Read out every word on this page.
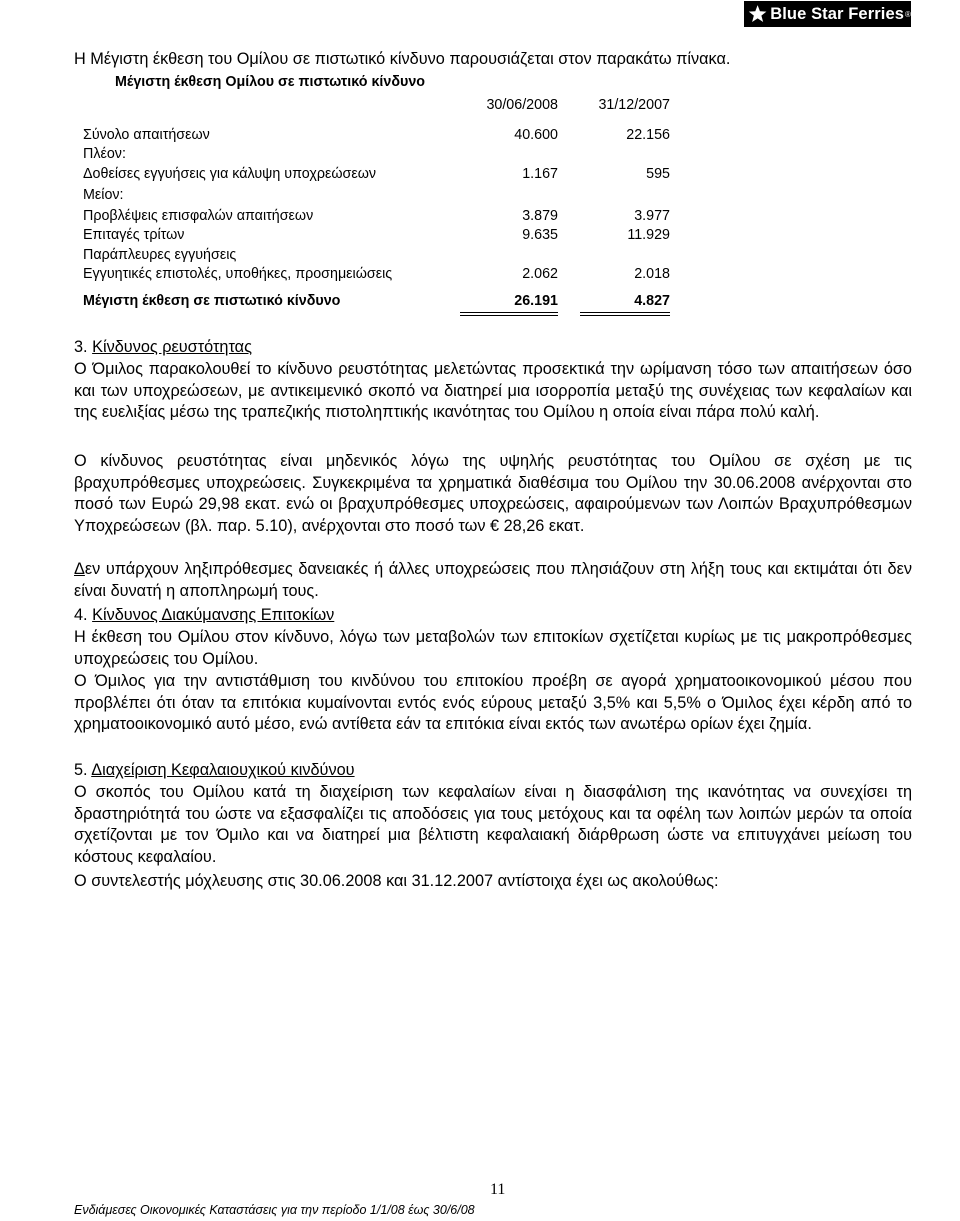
Blue Star Ferries ®

Η Μέγιστη έκθεση του Ομίλου σε πιστωτικό κίνδυνο παρουσιάζεται στον παρακάτω πίνακα.

Μέγιστη έκθεση Ομίλου σε πιστωτικό κίνδυνο
30/06/2008	31/12/2007
Σύνολο απαιτήσεων	40.600	22.156
Πλέον:
Δοθείσες εγγυήσεις για κάλυψη υποχρεώσεων	1.167	595
Μείον:
Προβλέψεις επισφαλών απαιτήσεων	3.879	3.977
Επιταγές τρίτων	9.635	11.929
Παράπλευρες εγγυήσεις
Εγγυητικές επιστολές, υποθήκες, προσημειώσεις	2.062	2.018
Μέγιστη έκθεση σε πιστωτικό κίνδυνο	26.191	4.827

3. Κίνδυνος ρευστότητας

Ο Όμιλος παρακολουθεί το κίνδυνο ρευστότητας μελετώντας προσεκτικά την ωρίμανση τόσο των απαιτήσεων όσο και των υποχρεώσεων, με αντικειμενικό σκοπό να διατηρεί μια ισορροπία μεταξύ της συνέχειας των κεφαλαίων και της ευελιξίας μέσω της τραπεζικής πιστοληπτικής ικανότητας του Ομίλου η οποία είναι πάρα πολύ καλή.

Ο κίνδυνος ρευστότητας είναι μηδενικός λόγω της υψηλής ρευστότητας του Ομίλου σε σχέση με τις βραχυπρόθεσμες υποχρεώσεις. Συγκεκριμένα τα χρηματικά διαθέσιμα του Ομίλου την 30.06.2008 ανέρχονται στο ποσό των Ευρώ 29,98 εκατ. ενώ οι βραχυπρόθεσμες υποχρεώσεις, αφαιρούμενων των Λοιπών Βραχυπρόθεσμων Υποχρεώσεων (βλ. παρ. 5.10), ανέρχονται στο ποσό των € 28,26 εκατ.

Δεν υπάρχουν ληξιπρόθεσμες δανειακές ή άλλες υποχρεώσεις που πλησιάζουν στη λήξη τους και εκτιμάται ότι δεν είναι δυνατή η αποπληρωμή τους.

4. Κίνδυνος Διακύμανσης Επιτοκίων

Η έκθεση του Ομίλου στον κίνδυνο, λόγω των μεταβολών των επιτοκίων σχετίζεται κυρίως με τις μακροπρόθεσμες υποχρεώσεις του Ομίλου.

Ο Όμιλος για την αντιστάθμιση του κινδύνου του επιτοκίου προέβη σε αγορά χρηματοοικονομικού μέσου που προβλέπει ότι όταν τα επιτόκια κυμαίνονται εντός ενός εύρους μεταξύ 3,5% και 5,5% ο Όμιλος έχει κέρδη από το χρηματοοικονομικό αυτό μέσο, ενώ αντίθετα εάν τα επιτόκια είναι εκτός των ανωτέρω ορίων έχει ζημία.

5. Διαχείριση Κεφαλαιουχικού κινδύνου

Ο σκοπός του Ομίλου κατά τη διαχείριση των κεφαλαίων είναι η διασφάλιση της ικανότητας να συνεχίσει τη δραστηριότητά του ώστε να εξασφαλίζει τις αποδόσεις για τους μετόχους και τα οφέλη των λοιπών μερών τα οποία σχετίζονται με τον Όμιλο και να διατηρεί μια βέλτιστη κεφαλαιακή διάρθρωση ώστε να επιτυγχάνει μείωση του κόστους κεφαλαίου.

Ο συντελεστής μόχλευσης στις 30.06.2008 και 31.12.2007 αντίστοιχα έχει ως ακολούθως:

11
Ενδιάμεσες Οικονομικές Καταστάσεις για την περίοδο 1/1/08 έως 30/6/08
